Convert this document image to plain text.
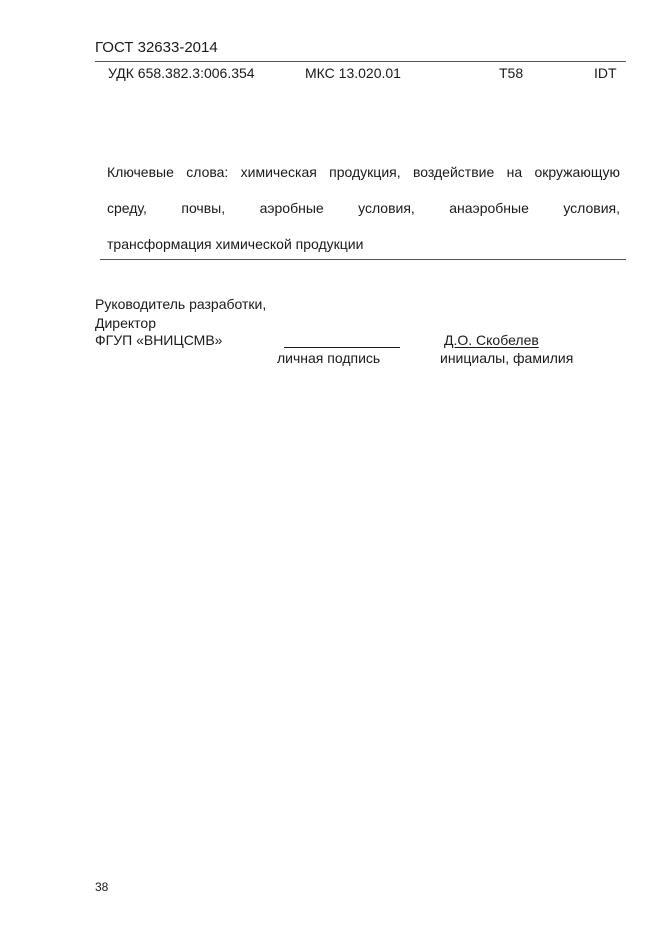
ГОСТ 32633-2014
УДК 658.382.3:006.354	МКС 13.020.01	Т58	IDT
Ключевые слова: химическая продукция, воздействие на окружающую
среду, почвы, аэробные условия, анаэробные условия,
трансформация химической продукции
Руководитель разработки,
Директор
ФГУП «ВНИЦСМВ»	Д.О. Скобелев
личная подпись	инициалы, фамилия
38
